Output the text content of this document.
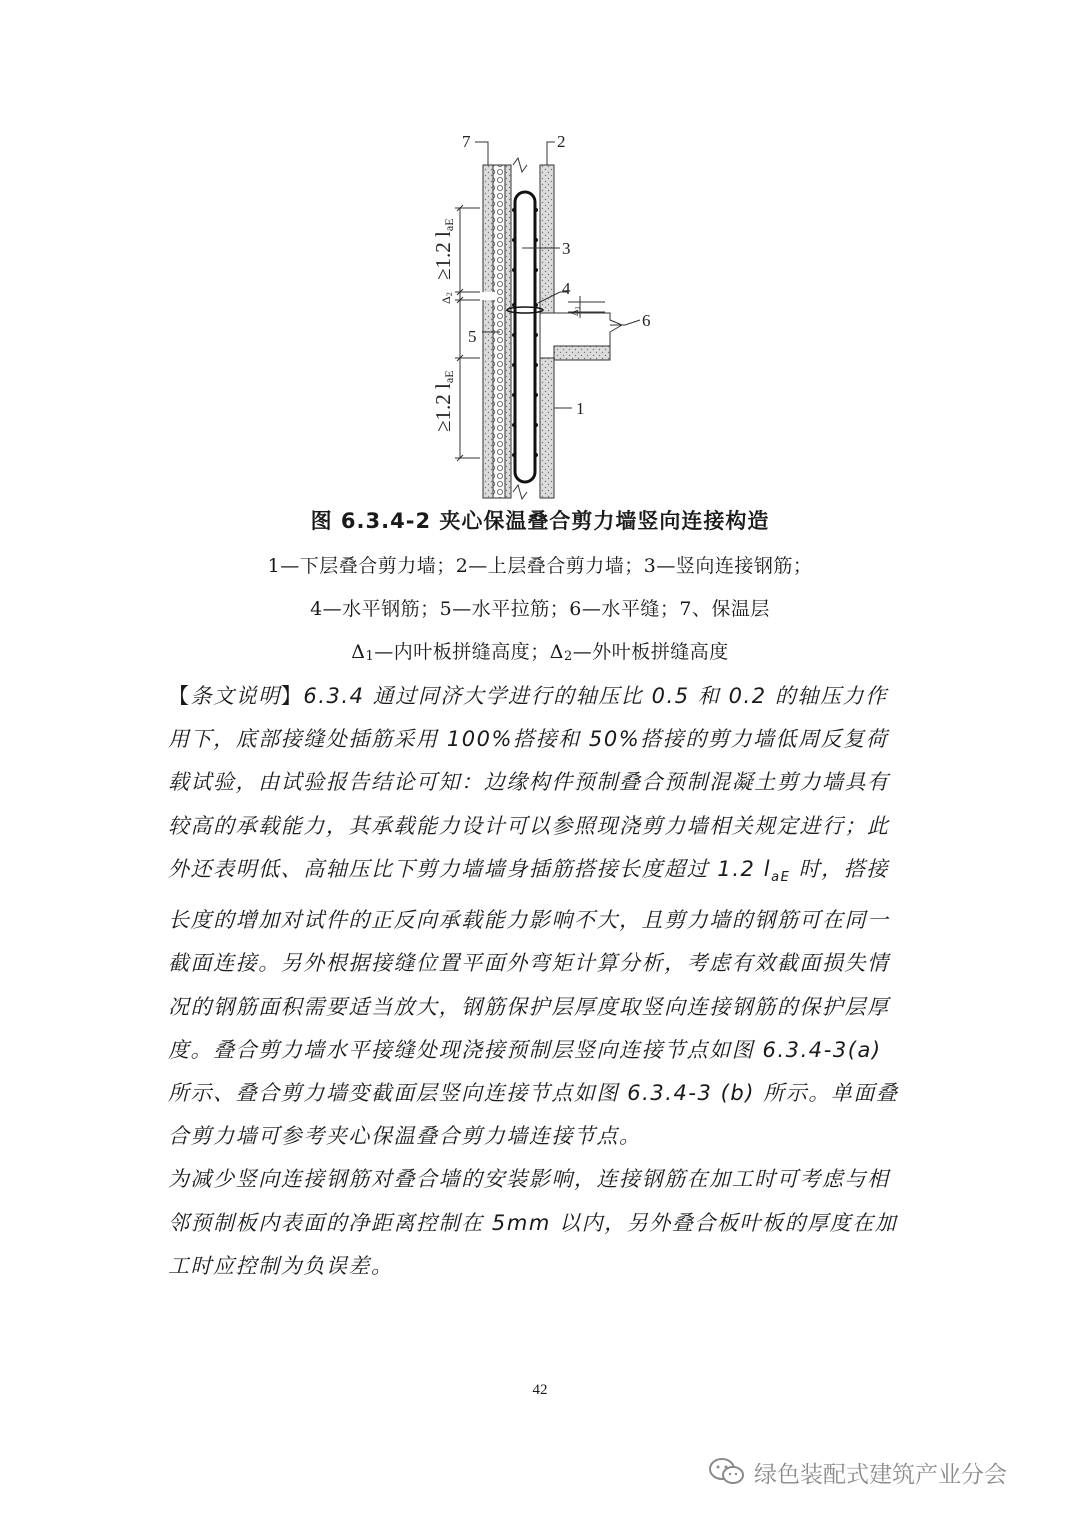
7	2
3
4
5
6
1
≥1.2 laE
≥1.2 laE
Δ2
$\Delta_1$
图 6.3.4-2 夹心保温叠合剪力墙竖向连接构造
1—下层叠合剪力墙；2—上层叠合剪力墙；3—竖向连接钢筋；
4—水平钢筋；5—水平拉筋；6—水平缝；7、保温层
Δ1—内叶板拼缝高度；Δ2—外叶板拼缝高度

【条文说明】6.3.4 通过同济大学进行的轴压比 0.5 和 0.2 的轴压力作用下，底部接缝处插筋采用 100%搭接和 50%搭接的剪力墙低周反复荷载试验，由试验报告结论可知：边缘构件预制叠合预制混凝土剪力墙具有较高的承载能力，其承载能力设计可以参照现浇剪力墙相关规定进行；此外还表明低、高轴压比下剪力墙墙身插筋搭接长度超过 1.2 $l_{aE}$ 时，搭接长度的增加对试件的正反向承载能力影响不大，且剪力墙的钢筋可在同一截面连接。另外根据接缝位置平面外弯矩计算分析，考虑有效截面损失情况的钢筋面积需要适当放大，钢筋保护层厚度取竖向连接钢筋的保护层厚度。叠合剪力墙水平接缝处现浇接预制层竖向连接节点如图 6.3.4-3(a) 所示、叠合剪力墙变截面层竖向连接节点如图 6.3.4-3 (b) 所示。单面叠合剪力墙可参考夹心保温叠合剪力墙连接节点。

为减少竖向连接钢筋对叠合墙的安装影响，连接钢筋在加工时可考虑与相邻预制板内表面的净距离控制在 5mm 以内，另外叠合板叶板的厚度在加工时应控制为负误差。

42
绿色装配式建筑产业分会
